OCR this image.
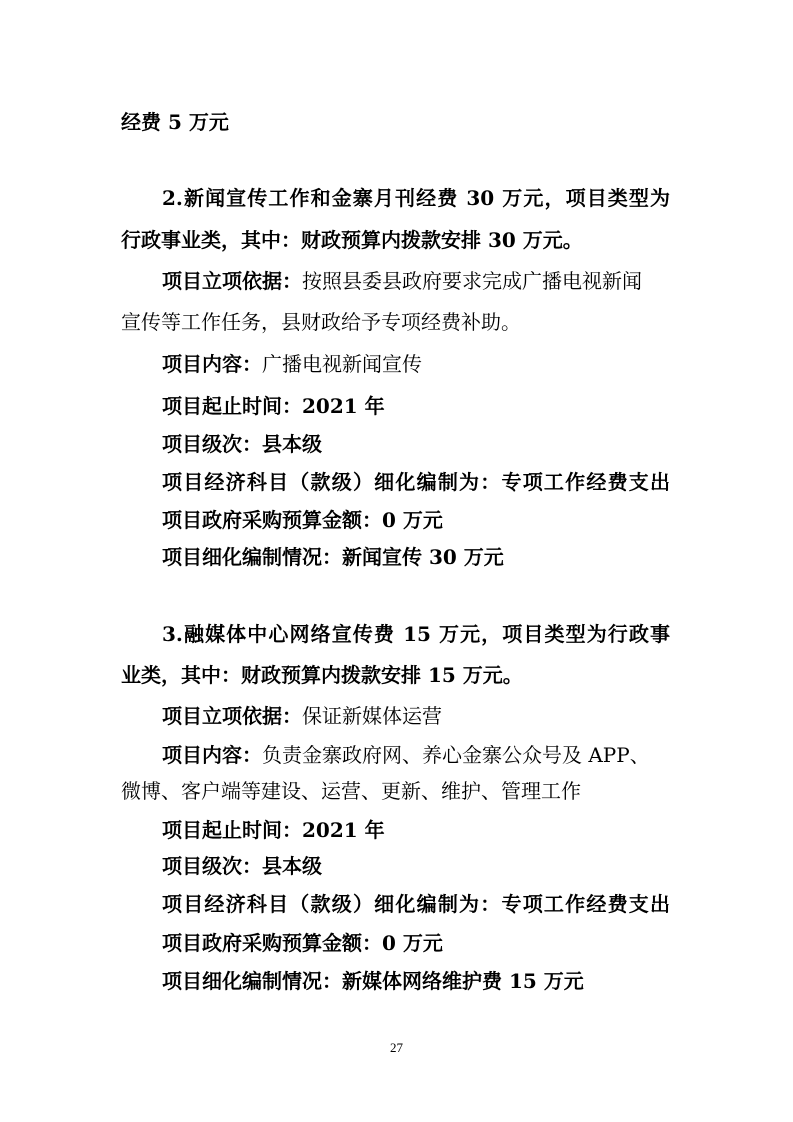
经费 5 万元
2.新闻宣传工作和金寨月刊经费 30 万元，项目类型为
行政事业类，其中：财政预算内拨款安排 30 万元。
项目立项依据：按照县委县政府要求完成广播电视新闻
宣传等工作任务，县财政给予专项经费补助。
项目内容：广播电视新闻宣传
项目起止时间：2021 年
项目级次：县本级
项目经济科目（款级）细化编制为：专项工作经费支出
项目政府采购预算金额：0 万元
项目细化编制情况：新闻宣传 30 万元
3.融媒体中心网络宣传费 15 万元，项目类型为行政事
业类，其中：财政预算内拨款安排 15 万元。
项目立项依据：保证新媒体运营
项目内容：负责金寨政府网、养心金寨公众号及 APP、
微博、客户端等建设、运营、更新、维护、管理工作
项目起止时间：2021 年
项目级次：县本级
项目经济科目（款级）细化编制为：专项工作经费支出
项目政府采购预算金额：0 万元
项目细化编制情况：新媒体网络维护费 15 万元
27
